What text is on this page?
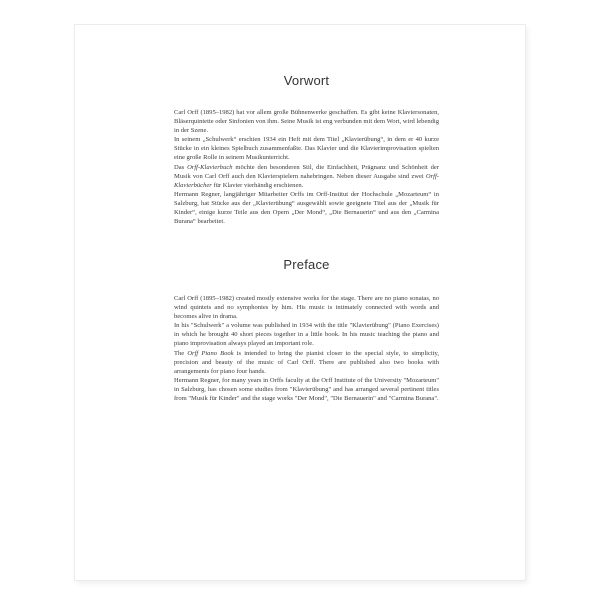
Vorwort

Carl Orff (1895–1982) hat vor allem große Bühnenwerke geschaffen. Es gibt keine Klaviersonaten, Bläserquintette oder Sinfonien von ihm. Seine Musik ist eng verbunden mit dem Wort, wird lebendig in der Szene.

In seinem „Schulwerk“ erschien 1934 ein Heft mit dem Titel „Klavierübung“, in dem er 40 kurze Stücke in ein kleines Spielbuch zusammenfaßte. Das Klavier und die Klavierimprovisation spielten eine große Rolle in seinem Musikunterricht.

Das Orff-Klavierbuch möchte den besonderen Stil, die Einfachheit, Prägnanz und Schönheit der Musik von Carl Orff auch den Klavierspielern nahebringen. Neben dieser Ausgabe sind zwei Orff-Klavierbücher für Klavier vierhändig erschienen.

Hermann Regner, langjähriger Mitarbeiter Orffs im Orff-Institut der Hochschule „Mozarteum“ in Salzburg, hat Stücke aus der „Klavierübung“ ausgewählt sowie geeignete Titel aus der „Musik für Kinder“, einige kurze Teile aus den Opern „Der Mond“, „Die Bernauerin“ und aus den „Carmina Burana“ bearbeitet.

Preface

Carl Orff (1895–1982) created mostly extensive works for the stage. There are no piano sonatas, no wind quintets and no symphonies by him. His music is intimately connected with words and becomes alive in drama.

In his "Schulwerk" a volume was published in 1934 with the title "Klavierübung" (Piano Exercises) in which he brought 40 short pieces together in a little book. In his music teaching the piano and piano improvisation always played an important role.

The Orff Piano Book is intended to bring the pianist closer to the special style, to simplicity, precision and beauty of the music of Carl Orff. There are published also two books with arrangements for piano four hands.

Hermann Regner, for many years in Orffs faculty at the Orff Institute of the University "Mozarteum" in Salzburg, has chosen some studies from "Klavierübung" and has arranged several pertinent titles from "Musik für Kinder" and the stage works "Der Mond", "Die Bernauerin" and "Carmina Burana".
